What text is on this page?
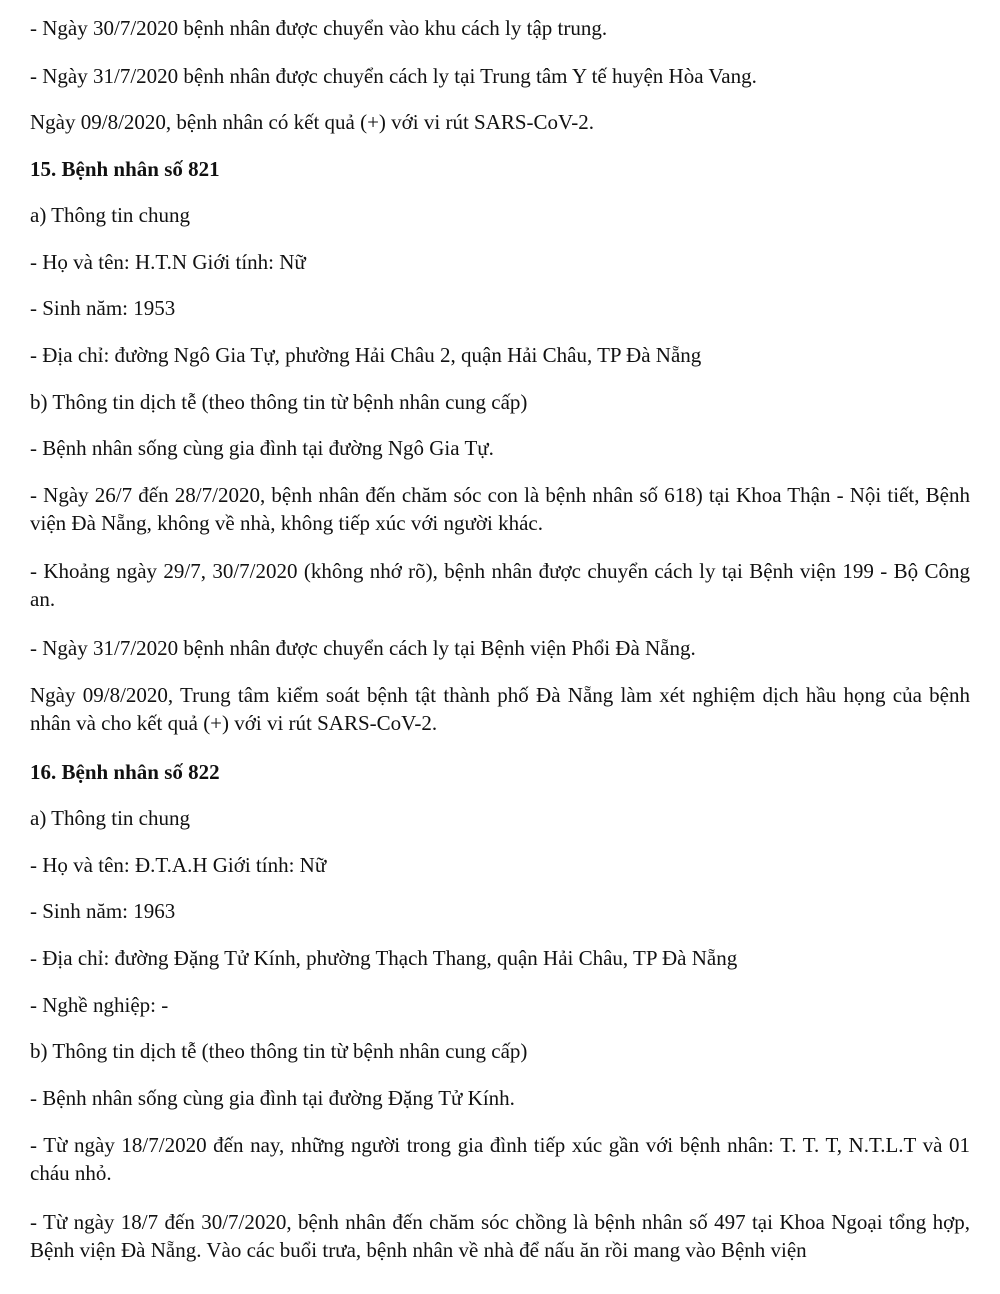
- Ngày 30/7/2020 bệnh nhân được chuyển vào khu cách ly tập trung.

- Ngày 31/7/2020 bệnh nhân được chuyển cách ly tại Trung tâm Y tế huyện Hòa Vang.

Ngày 09/8/2020, bệnh nhân có kết quả (+) với vi rút SARS-CoV-2.

15. Bệnh nhân số 821

a) Thông tin chung

- Họ và tên: H.T.N Giới tính: Nữ

- Sinh năm: 1953

- Địa chỉ: đường Ngô Gia Tự, phường Hải Châu 2, quận Hải Châu, TP Đà Nẵng

b) Thông tin dịch tễ (theo thông tin từ bệnh nhân cung cấp)

- Bệnh nhân sống cùng gia đình tại đường Ngô Gia Tự.

- Ngày 26/7 đến 28/7/2020, bệnh nhân đến chăm sóc con là bệnh nhân số 618) tại Khoa Thận - Nội tiết, Bệnh viện Đà Nẵng, không về nhà, không tiếp xúc với người khác.

- Khoảng ngày 29/7, 30/7/2020 (không nhớ rõ), bệnh nhân được chuyển cách ly tại Bệnh viện 199 - Bộ Công an.

- Ngày 31/7/2020 bệnh nhân được chuyển cách ly tại Bệnh viện Phổi Đà Nẵng.

Ngày 09/8/2020, Trung tâm kiểm soát bệnh tật thành phố Đà Nẵng làm xét nghiệm dịch hầu họng của bệnh nhân và cho kết quả (+) với vi rút SARS-CoV-2.

16. Bệnh nhân số 822

a) Thông tin chung

- Họ và tên: Đ.T.A.H Giới tính: Nữ

- Sinh năm: 1963

- Địa chỉ: đường Đặng Tử Kính, phường Thạch Thang, quận Hải Châu, TP Đà Nẵng

- Nghề nghiệp: -

b) Thông tin dịch tễ (theo thông tin từ bệnh nhân cung cấp)

- Bệnh nhân sống cùng gia đình tại đường Đặng Tử Kính.

- Từ ngày 18/7/2020 đến nay, những người trong gia đình tiếp xúc gần với bệnh nhân: T. T. T, N.T.L.T và 01 cháu nhỏ.

- Từ ngày 18/7 đến 30/7/2020, bệnh nhân đến chăm sóc chồng là bệnh nhân số 497 tại Khoa Ngoại tổng hợp, Bệnh viện Đà Nẵng. Vào các buổi trưa, bệnh nhân về nhà để nấu ăn rồi mang vào Bệnh viện
